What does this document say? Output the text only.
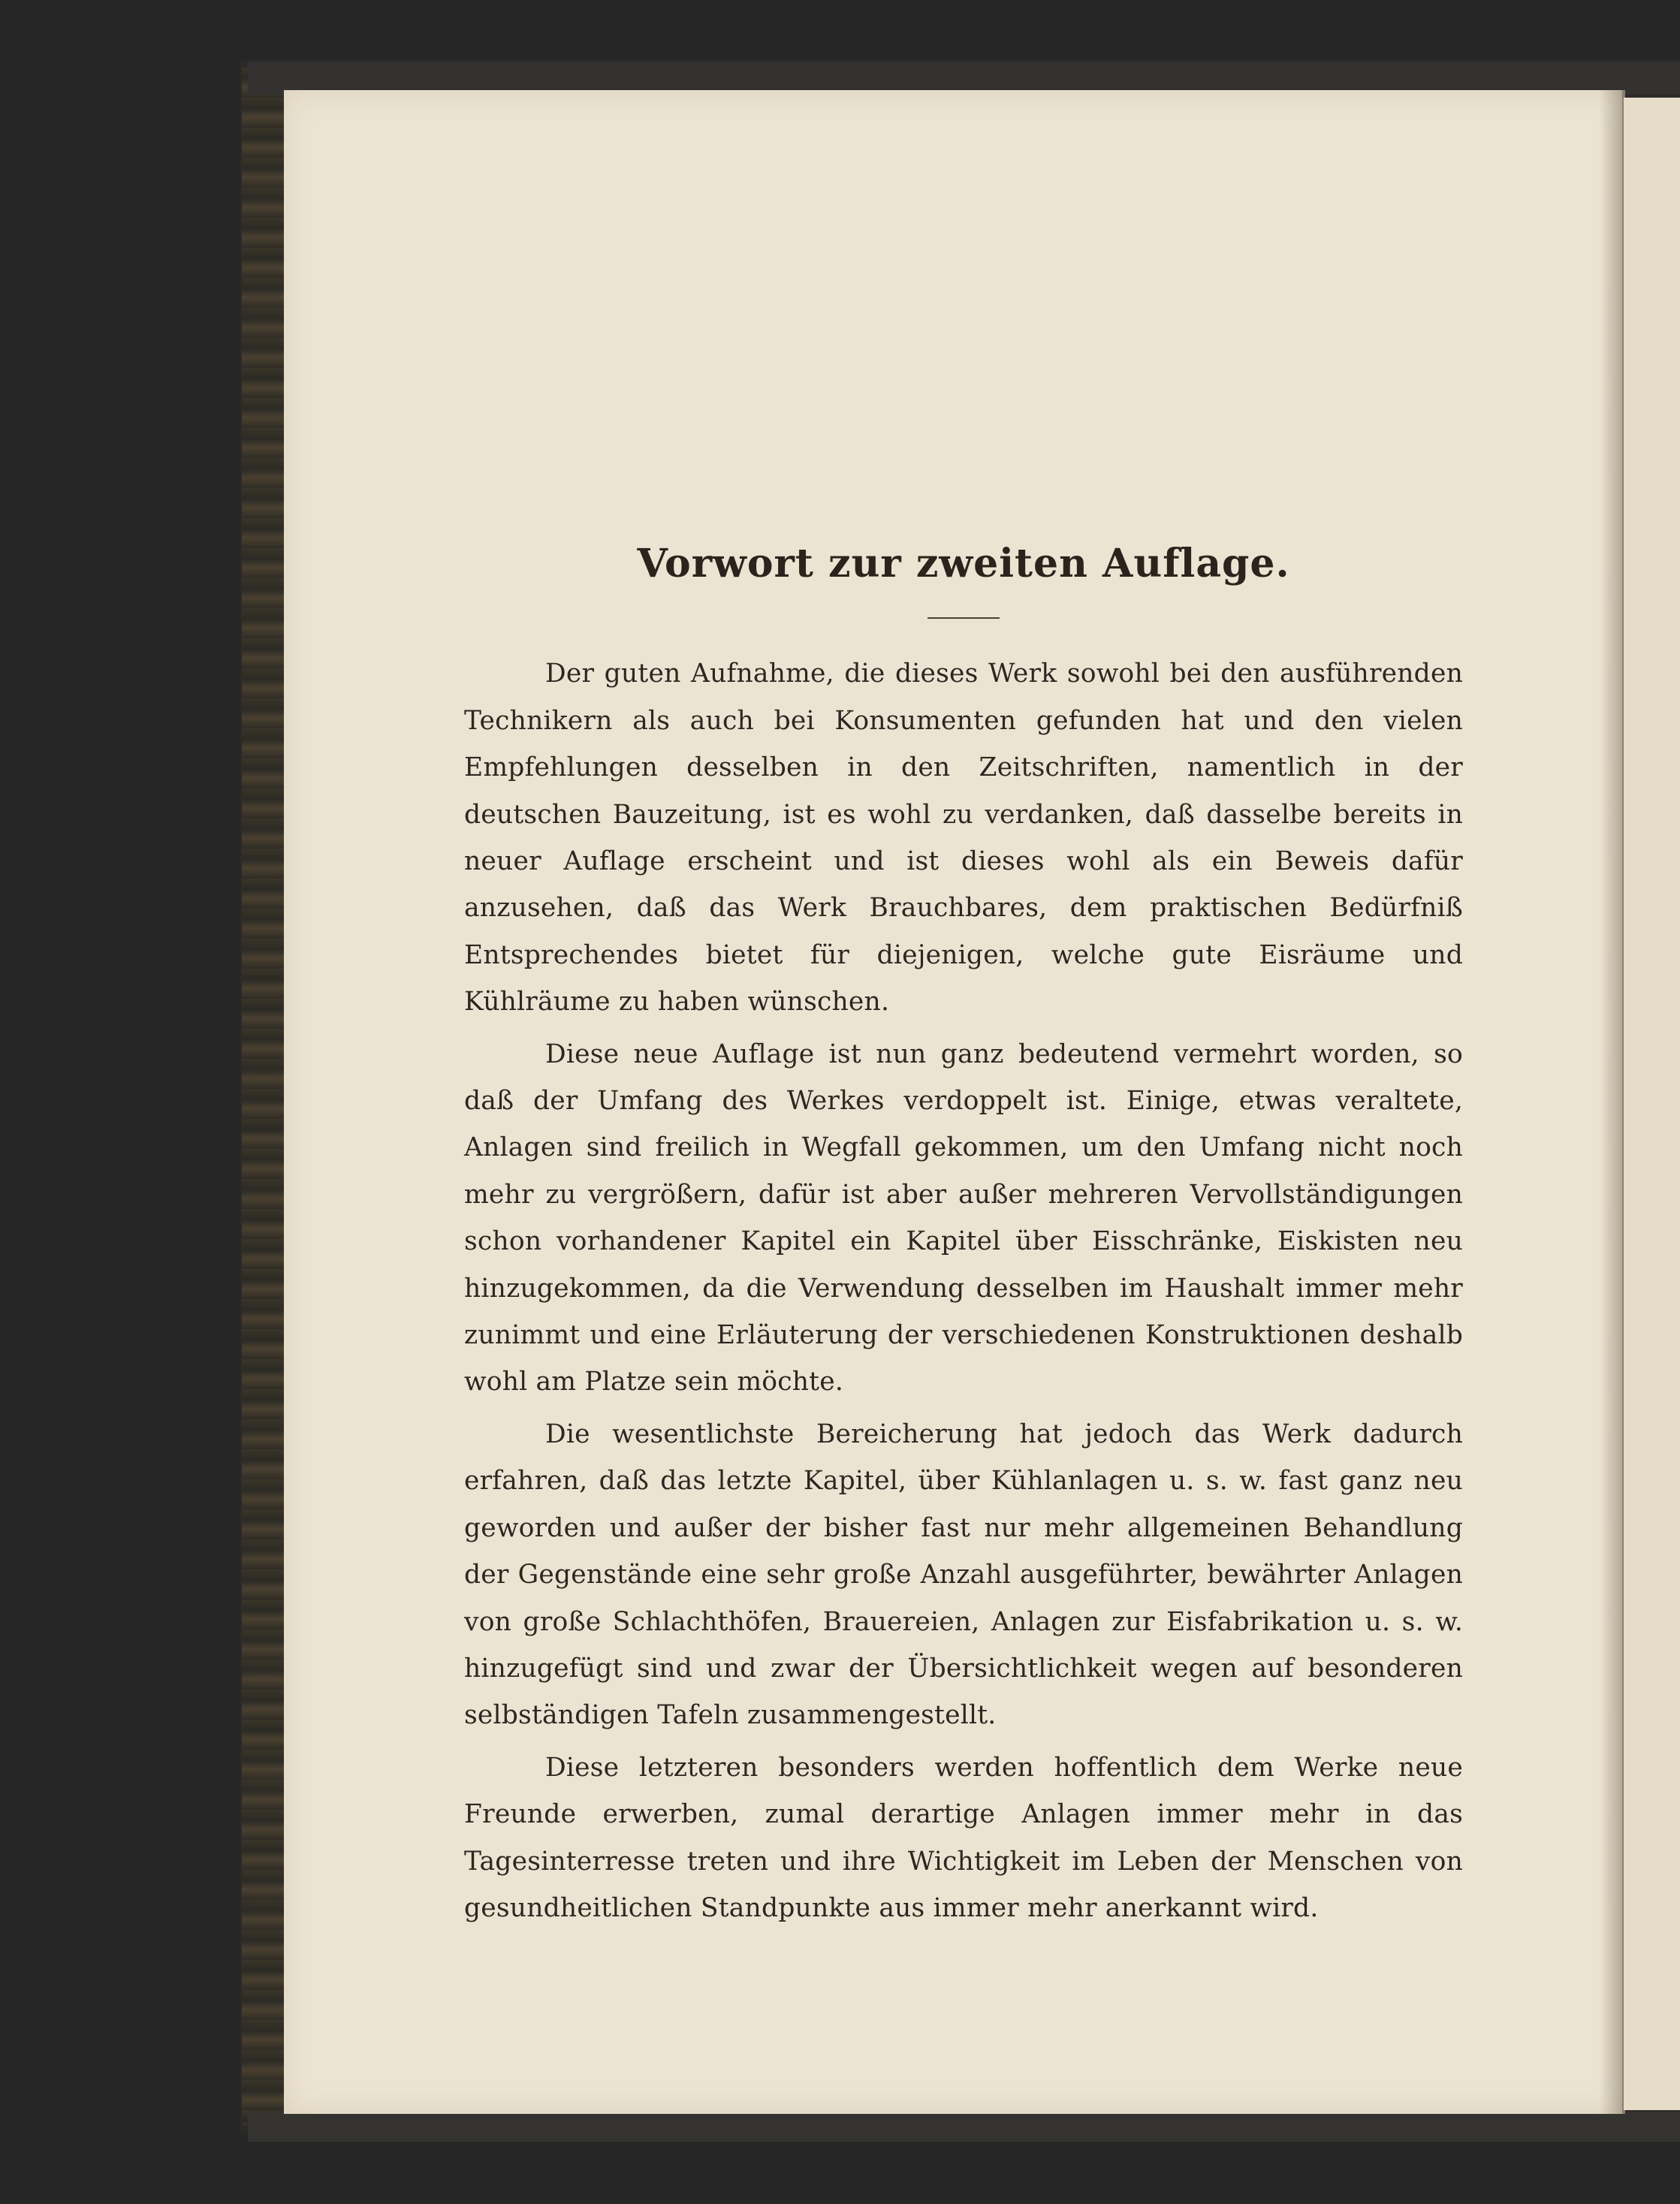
Vorwort zur zweiten Auflage.

Der guten Aufnahme, die dieses Werk sowohl bei den ausführenden Technikern als auch bei Konsumenten gefunden hat und den vielen Empfehlungen desselben in den Zeitschriften, namentlich in der deutschen Bauzeitung, ist es wohl zu verdanken, daß dasselbe bereits in neuer Auflage erscheint und ist dieses wohl als ein Beweis dafür anzusehen, daß das Werk Brauchbares, dem praktischen Bedürfniß Entsprechendes bietet für diejenigen, welche gute Eisräume und Kühlräume zu haben wünschen.

Diese neue Auflage ist nun ganz bedeutend vermehrt worden, so daß der Umfang des Werkes verdoppelt ist. Einige, etwas veraltete, Anlagen sind freilich in Wegfall gekommen, um den Umfang nicht noch mehr zu vergrößern, dafür ist aber außer mehreren Vervollständigungen schon vorhandener Kapitel ein Kapitel über Eisschränke, Eiskisten neu hinzugekommen, da die Verwendung desselben im Haushalt immer mehr zunimmt und eine Erläuterung der verschiedenen Konstruktionen deshalb wohl am Platze sein möchte.

Die wesentlichste Bereicherung hat jedoch das Werk dadurch erfahren, daß das letzte Kapitel, über Kühlanlagen u. s. w. fast ganz neu geworden und außer der bisher fast nur mehr allgemeinen Behandlung der Gegenstände eine sehr große Anzahl ausgeführter, bewährter Anlagen von große Schlachthöfen, Brauereien, Anlagen zur Eisfabrikation u. s. w. hinzugefügt sind und zwar der Übersichtlichkeit wegen auf besonderen selbständigen Tafeln zusammengestellt.

Diese letzteren besonders werden hoffentlich dem Werke neue Freunde erwerben, zumal derartige Anlagen immer mehr in das Tagesinterresse treten und ihre Wichtigkeit im Leben der Menschen von gesundheitlichen Standpunkte aus immer mehr anerkannt wird.
